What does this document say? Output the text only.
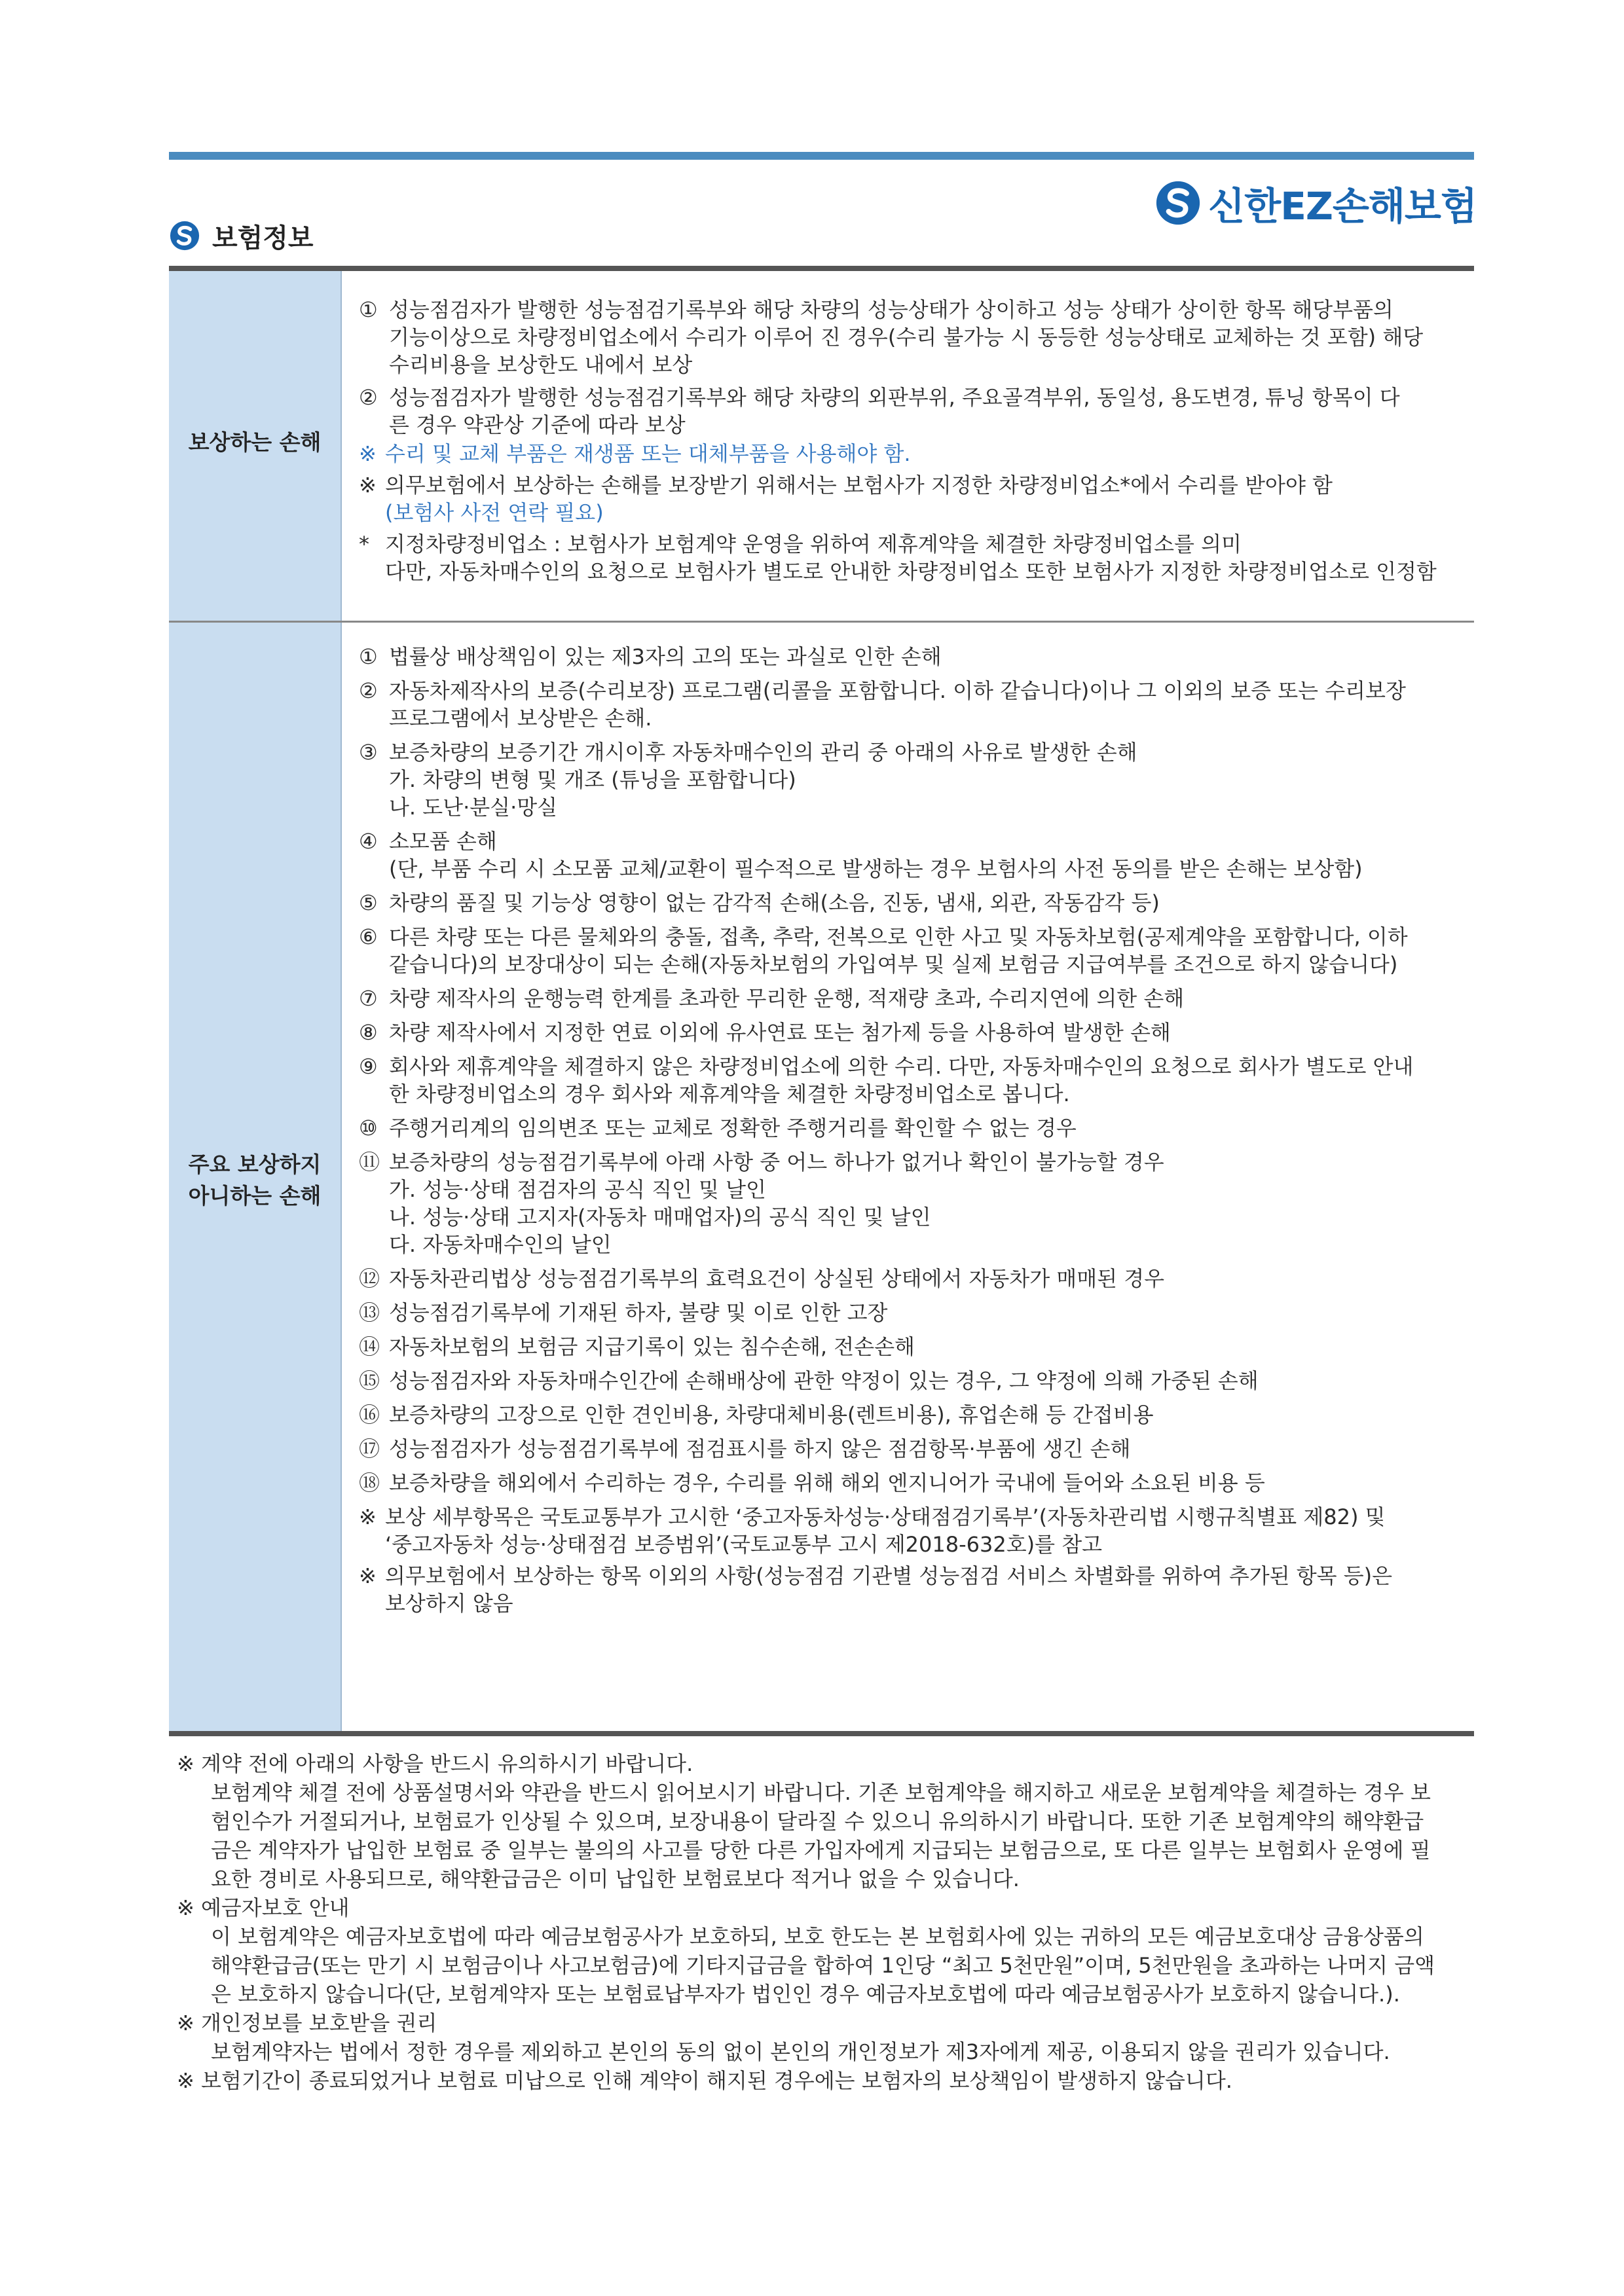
신한EZ손해보험
보험정보
보상하는 손해
주요 보상하지
아니하는 손해
① 성능점검자가 발행한 성능점검기록부와 해당 차량의 성능상태가 상이하고 성능 상태가 상이한 항목 해당부품의
기능이상으로 차량정비업소에서 수리가 이루어 진 경우(수리 불가능 시 동등한 성능상태로 교체하는 것 포함) 해당
수리비용을 보상한도 내에서 보상
② 성능점검자가 발행한 성능점검기록부와 해당 차량의 외판부위, 주요골격부위, 동일성, 용도변경, 튜닝 항목이 다
른 경우 약관상 기준에 따라 보상
※ 수리 및 교체 부품은 재생품 또는 대체부품을 사용해야 함.
※ 의무보험에서 보상하는 손해를 보장받기 위해서는 보험사가 지정한 차량정비업소*에서 수리를 받아야 함
(보험사 사전 연락 필요)
* 지정차량정비업소 : 보험사가 보험계약 운영을 위하여 제휴계약을 체결한 차량정비업소를 의미
다만, 자동차매수인의 요청으로 보험사가 별도로 안내한 차량정비업소 또한 보험사가 지정한 차량정비업소로 인정함
① 법률상 배상책임이 있는 제3자의 고의 또는 과실로 인한 손해
② 자동차제작사의 보증(수리보장) 프로그램(리콜을 포함합니다. 이하 같습니다)이나 그 이외의 보증 또는 수리보장
프로그램에서 보상받은 손해.
③ 보증차량의 보증기간 개시이후 자동차매수인의 관리 중 아래의 사유로 발생한 손해
가. 차량의 변형 및 개조 (튜닝을 포함합니다)
나. 도난·분실·망실
④ 소모품 손해
(단, 부품 수리 시 소모품 교체/교환이 필수적으로 발생하는 경우 보험사의 사전 동의를 받은 손해는 보상함)
⑤ 차량의 품질 및 기능상 영향이 없는 감각적 손해(소음, 진동, 냄새, 외관, 작동감각 등)
⑥ 다른 차량 또는 다른 물체와의 충돌, 접촉, 추락, 전복으로 인한 사고 및 자동차보험(공제계약을 포함합니다, 이하
같습니다)의 보장대상이 되는 손해(자동차보험의 가입여부 및 실제 보험금 지급여부를 조건으로 하지 않습니다)
⑦ 차량 제작사의 운행능력 한계를 초과한 무리한 운행, 적재량 초과, 수리지연에 의한 손해
⑧ 차량 제작사에서 지정한 연료 이외에 유사연료 또는 첨가제 등을 사용하여 발생한 손해
⑨ 회사와 제휴계약을 체결하지 않은 차량정비업소에 의한 수리. 다만, 자동차매수인의 요청으로 회사가 별도로 안내
한 차량정비업소의 경우 회사와 제휴계약을 체결한 차량정비업소로 봅니다.
⑩ 주행거리계의 임의변조 또는 교체로 정확한 주행거리를 확인할 수 없는 경우
⑪ 보증차량의 성능점검기록부에 아래 사항 중 어느 하나가 없거나 확인이 불가능할 경우
가. 성능·상태 점검자의 공식 직인 및 날인
나. 성능·상태 고지자(자동차 매매업자)의 공식 직인 및 날인
다. 자동차매수인의 날인
⑫ 자동차관리법상 성능점검기록부의 효력요건이 상실된 상태에서 자동차가 매매된 경우
⑬ 성능점검기록부에 기재된 하자, 불량 및 이로 인한 고장
⑭ 자동차보험의 보험금 지급기록이 있는 침수손해, 전손손해
⑮ 성능점검자와 자동차매수인간에 손해배상에 관한 약정이 있는 경우, 그 약정에 의해 가중된 손해
⑯ 보증차량의 고장으로 인한 견인비용, 차량대체비용(렌트비용), 휴업손해 등 간접비용
⑰ 성능점검자가 성능점검기록부에 점검표시를 하지 않은 점검항목·부품에 생긴 손해
⑱ 보증차량을 해외에서 수리하는 경우, 수리를 위해 해외 엔지니어가 국내에 들어와 소요된 비용 등
※ 보상 세부항목은 국토교통부가 고시한 ‘중고자동차성능·상태점검기록부’(자동차관리법 시행규칙별표 제82) 및
‘중고자동차 성능·상태점검 보증범위’(국토교통부 고시 제2018-632호)를 참고
※ 의무보험에서 보상하는 항목 이외의 사항(성능점검 기관별 성능점검 서비스 차별화를 위하여 추가된 항목 등)은
보상하지 않음
※ 계약 전에 아래의 사항을 반드시 유의하시기 바랍니다.
보험계약 체결 전에 상품설명서와 약관을 반드시 읽어보시기 바랍니다. 기존 보험계약을 해지하고 새로운 보험계약을 체결하는 경우 보
험인수가 거절되거나, 보험료가 인상될 수 있으며, 보장내용이 달라질 수 있으니 유의하시기 바랍니다. 또한 기존 보험계약의 해약환급
금은 계약자가 납입한 보험료 중 일부는 불의의 사고를 당한 다른 가입자에게 지급되는 보험금으로, 또 다른 일부는 보험회사 운영에 필
요한 경비로 사용되므로, 해약환급금은 이미 납입한 보험료보다 적거나 없을 수 있습니다.
※ 예금자보호 안내
이 보험계약은 예금자보호법에 따라 예금보험공사가 보호하되, 보호 한도는 본 보험회사에 있는 귀하의 모든 예금보호대상 금융상품의
해약환급금(또는 만기 시 보험금이나 사고보험금)에 기타지급금을 합하여 1인당 “최고 5천만원”이며, 5천만원을 초과하는 나머지 금액
은 보호하지 않습니다(단, 보험계약자 또는 보험료납부자가 법인인 경우 예금자보호법에 따라 예금보험공사가 보호하지 않습니다.).
※ 개인정보를 보호받을 권리
보험계약자는 법에서 정한 경우를 제외하고 본인의 동의 없이 본인의 개인정보가 제3자에게 제공, 이용되지 않을 권리가 있습니다.
※ 보험기간이 종료되었거나 보험료 미납으로 인해 계약이 해지된 경우에는 보험자의 보상책임이 발생하지 않습니다.
